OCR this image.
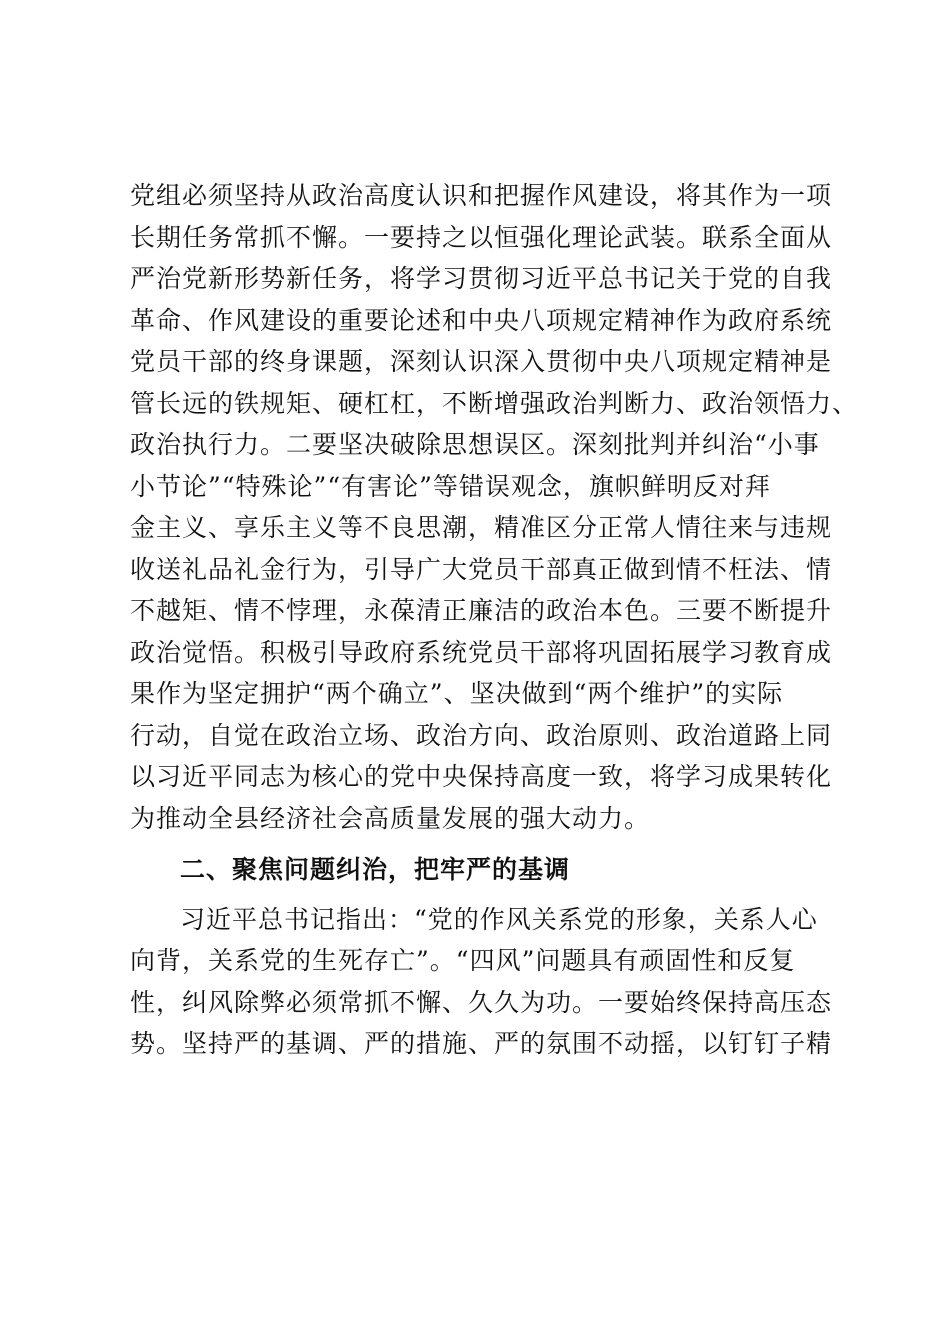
党组必须坚持从政治高度认识和把握作风建设，将其作为一项
长期任务常抓不懈。一要持之以恒强化理论武装。联系全面从
严治党新形势新任务，将学习贯彻习近平总书记关于党的自我
革命、作风建设的重要论述和中央八项规定精神作为政府系统
党员干部的终身课题，深刻认识深入贯彻中央八项规定精神是
管长远的铁规矩、硬杠杠，不断增强政治判断力、政治领悟力、
政治执行力。二要坚决破除思想误区。深刻批判并纠治“小事
小节论”“特殊论”“有害论”等错误观念，旗帜鲜明反对拜
金主义、享乐主义等不良思潮，精准区分正常人情往来与违规
收送礼品礼金行为，引导广大党员干部真正做到情不枉法、情
不越矩、情不悖理，永葆清正廉洁的政治本色。三要不断提升
政治觉悟。积极引导政府系统党员干部将巩固拓展学习教育成
果作为坚定拥护“两个确立”、坚决做到“两个维护”的实际
行动，自觉在政治立场、政治方向、政治原则、政治道路上同
以习近平同志为核心的党中央保持高度一致，将学习成果转化
为推动全县经济社会高质量发展的强大动力。
二、聚焦问题纠治，把牢严的基调
习近平总书记指出：“党的作风关系党的形象，关系人心
向背，关系党的生死存亡”。“四风”问题具有顽固性和反复
性，纠风除弊必须常抓不懈、久久为功。一要始终保持高压态
势。坚持严的基调、严的措施、严的氛围不动摇，以钉钉子精
